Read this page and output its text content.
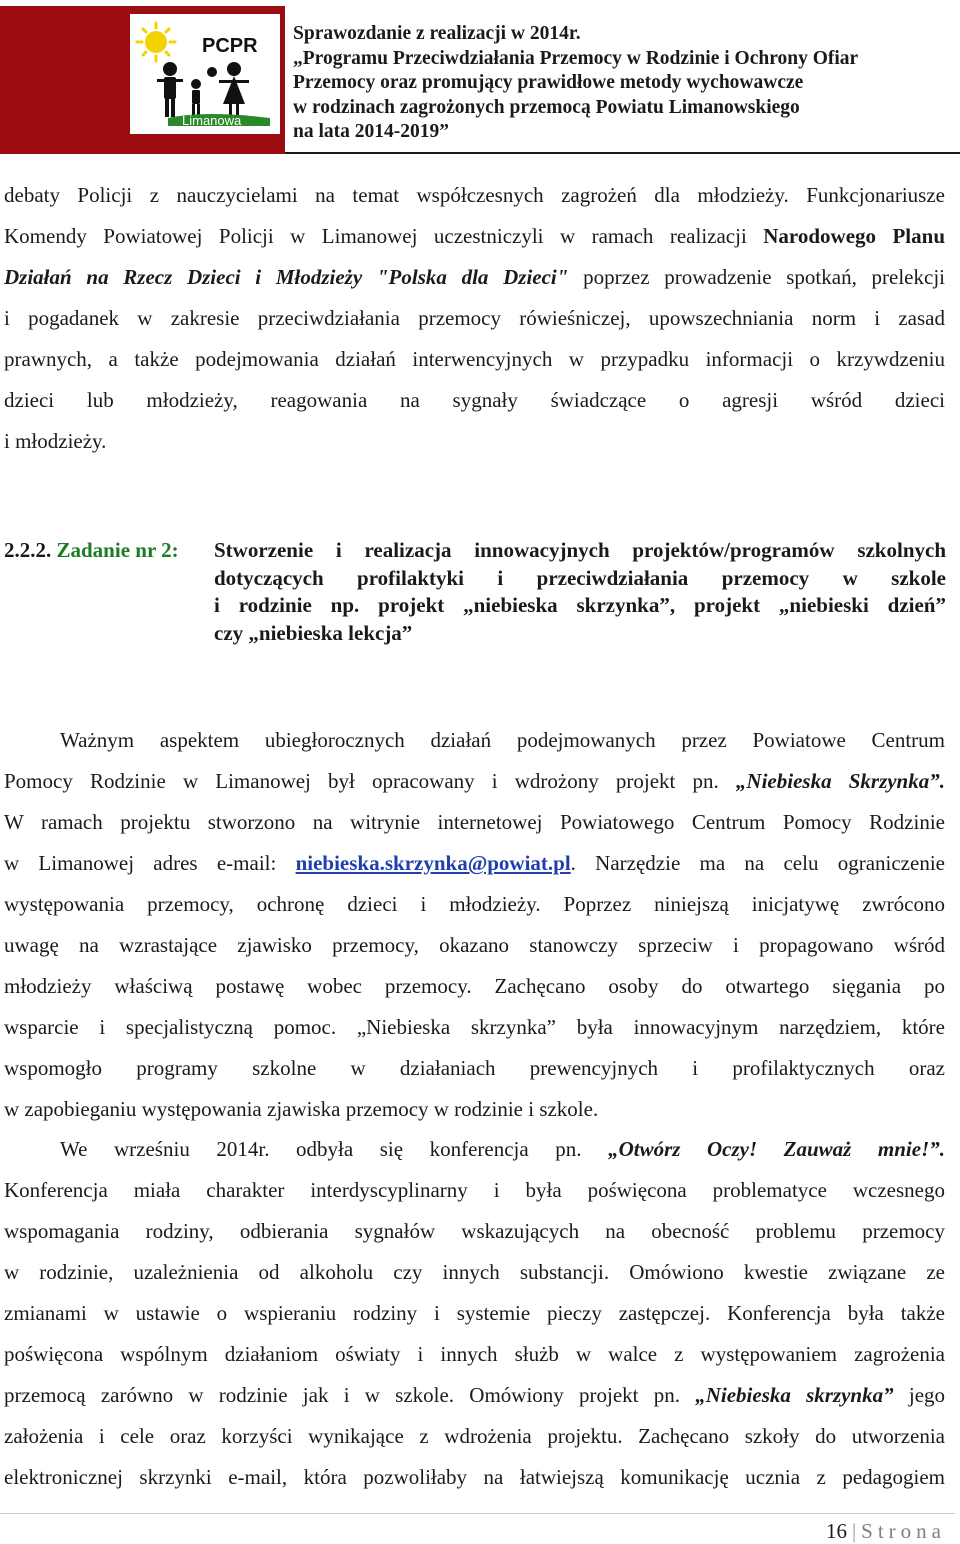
PCPR
Limanowa
Sprawozdanie z realizacji w 2014r.
„Programu Przeciwdziałania Przemocy w Rodzinie i Ochrony Ofiar
Przemocy oraz promujący prawidłowe metody wychowawcze
w rodzinach zagrożonych przemocą Powiatu Limanowskiego
na lata 2014-2019”
debaty Policji z nauczycielami na temat współczesnych zagrożeń dla młodzieży. Funkcjonariusze
Komendy Powiatowej Policji w Limanowej uczestniczyli w ramach realizacji Narodowego Planu
Działań na Rzecz Dzieci i Młodzieży "Polska dla Dzieci" poprzez prowadzenie spotkań, prelekcji
i pogadanek w zakresie przeciwdziałania przemocy rówieśniczej, upowszechniania norm i zasad
prawnych, a także podejmowania działań interwencyjnych w przypadku informacji o krzywdzeniu
dzieci lub młodzieży, reagowania na sygnały świadczące o agresji wśród dzieci
i młodzieży.
2.2.2. Zadanie nr 2: Stworzenie i realizacja innowacyjnych projektów/programów szkolnych
dotyczących profilaktyki i przeciwdziałania przemocy w szkole
i rodzinie np. projekt „niebieska skrzynka”, projekt „niebieski dzień”
czy „niebieska lekcja”
Ważnym aspektem ubiegłorocznych działań podejmowanych przez Powiatowe Centrum
Pomocy Rodzinie w Limanowej był opracowany i wdrożony projekt pn. „Niebieska Skrzynka”.
W ramach projektu stworzono na witrynie internetowej Powiatowego Centrum Pomocy Rodzinie
w Limanowej adres e-mail: niebieska.skrzynka@powiat.pl. Narzędzie ma na celu ograniczenie
występowania przemocy, ochronę dzieci i młodzieży. Poprzez niniejszą inicjatywę zwrócono
uwagę na wzrastające zjawisko przemocy, okazano stanowczy sprzeciw i propagowano wśród
młodzieży właściwą postawę wobec przemocy. Zachęcano osoby do otwartego sięgania po
wsparcie i specjalistyczną pomoc. „Niebieska skrzynka” była innowacyjnym narzędziem, które
wspomogło programy szkolne w działaniach prewencyjnych i profilaktycznych oraz
w zapobieganiu występowania zjawiska przemocy w rodzinie i szkole.
We wrześniu 2014r. odbyła się konferencja pn. „Otwórz Oczy! Zauważ mnie!”.
Konferencja miała charakter interdyscyplinarny i była poświęcona problematyce wczesnego
wspomagania rodziny, odbierania sygnałów wskazujących na obecność problemu przemocy
w rodzinie, uzależnienia od alkoholu czy innych substancji. Omówiono kwestie związane ze
zmianami w ustawie o wspieraniu rodziny i systemie pieczy zastępczej. Konferencja była także
poświęcona wspólnym działaniom oświaty i innych służb w walce z występowaniem zagrożenia
przemocą zarówno w rodzinie jak i w szkole. Omówiony projekt pn. „Niebieska skrzynka” jego
założenia i cele oraz korzyści wynikające z wdrożenia projektu. Zachęcano szkoły do utworzenia
elektronicznej skrzynki e-mail, która pozwoliłaby na łatwiejszą komunikację ucznia z pedagogiem
16 | Strona
